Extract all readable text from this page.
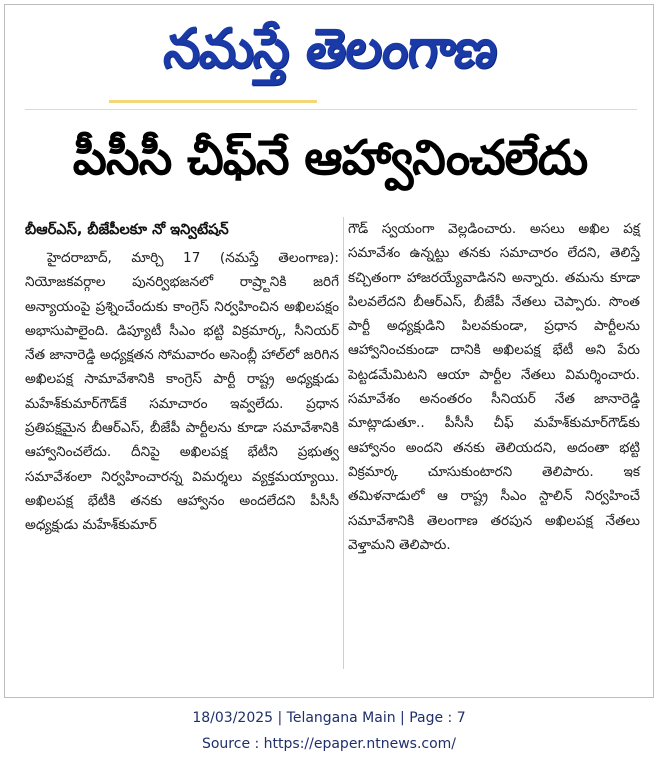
నమస్తే తెలంగాణ
పీసీసీ చీఫ్‌నే ఆహ్వానించలేదు

బీఆర్‌ఎస్‌, బీజేపీలకూ నో ఇన్విటేషన్‌

హైదరాబాద్‌, మార్చి 17 (నమస్తే తెలంగాణ): నియోజకవర్గాల పునర్విభజనలో రాష్ర్టానికి జరిగే అన్యాయంపై ప్రశ్నించేందుకు కాంగ్రెస్‌ నిర్వహించిన అఖిలపక్షం అభాసుపాలైంది. డిప్యూటీ సీఎం భట్టి విక్రమార్క, సీనియర్‌ నేత జానారెడ్డి అధ్యక్షతన సోమవారం అసెంబ్లీ హాల్‌లో జరిగిన అఖిలపక్ష సామావేశానికి కాంగ్రెస్‌ పార్టీ రాష్ట్ర అధ్యక్షుడు మహేశ్‌కుమార్‌గౌడ్‌కే సమాచారం ఇవ్వలేదు. ప్రధాన ప్రతిపక్షమైన బీఆర్‌ఎస్‌, బీజేపీ పార్టీలను కూడా సమావేశానికి ఆహ్వానించలేదు. దీనిపై అఖిలపక్ష భేటీని ప్రభుత్వ సమావేశంలా నిర్వహించారన్న విమర్శలు వ్యక్తమయ్యాయి. అఖిలపక్ష భేటీకి తనకు ఆహ్వానం అందలేదని పీసీసీ అధ్యక్షుడు మహేశ్‌కుమార్‌

గౌడ్‌ స్వయంగా వెల్లడించారు. అసలు అఖిల పక్ష సమావేశం ఉన్నట్టు తనకు సమాచారం లేదని, తెలిస్తే కచ్చితంగా హాజరయ్యేవాడినని అన్నారు. తమను కూడా పిలవలేదని బీఆర్‌ఎస్‌, బీజేపీ నేతలు చెప్పారు. సొంత పార్టీ అధ్యక్షుడిని పిలవకుండా, ప్రధాన పార్టీలను ఆహ్వానించకుండా దానికి అఖిలపక్ష భేటీ అని పేరు పెట్టడమేమిటని ఆయా పార్టీల నేతలు విమర్శించారు. సమావేశం అనంతరం సీనియర్‌ నేత జానారెడ్డి మాట్లాడుతూ.. పీసీసీ చీఫ్‌ మహేశ్‌కుమార్‌గౌడ్‌కు ఆహ్వానం అందని తనకు తెలియదని, అదంతా భట్టి విక్రమార్క చూసుకుంటారని తెలిపారు. ఇక తమిళనాడులో ఆ రాష్ట్ర సీఎం స్టాలిన్‌ నిర్వహించే సమావేశానికి తెలంగాణ తరపున అఖిలపక్ష నేతలు వెళ్తామని తెలిపారు.

18/03/2025 | Telangana Main | Page : 7
Source : https://epaper.ntnews.com/
